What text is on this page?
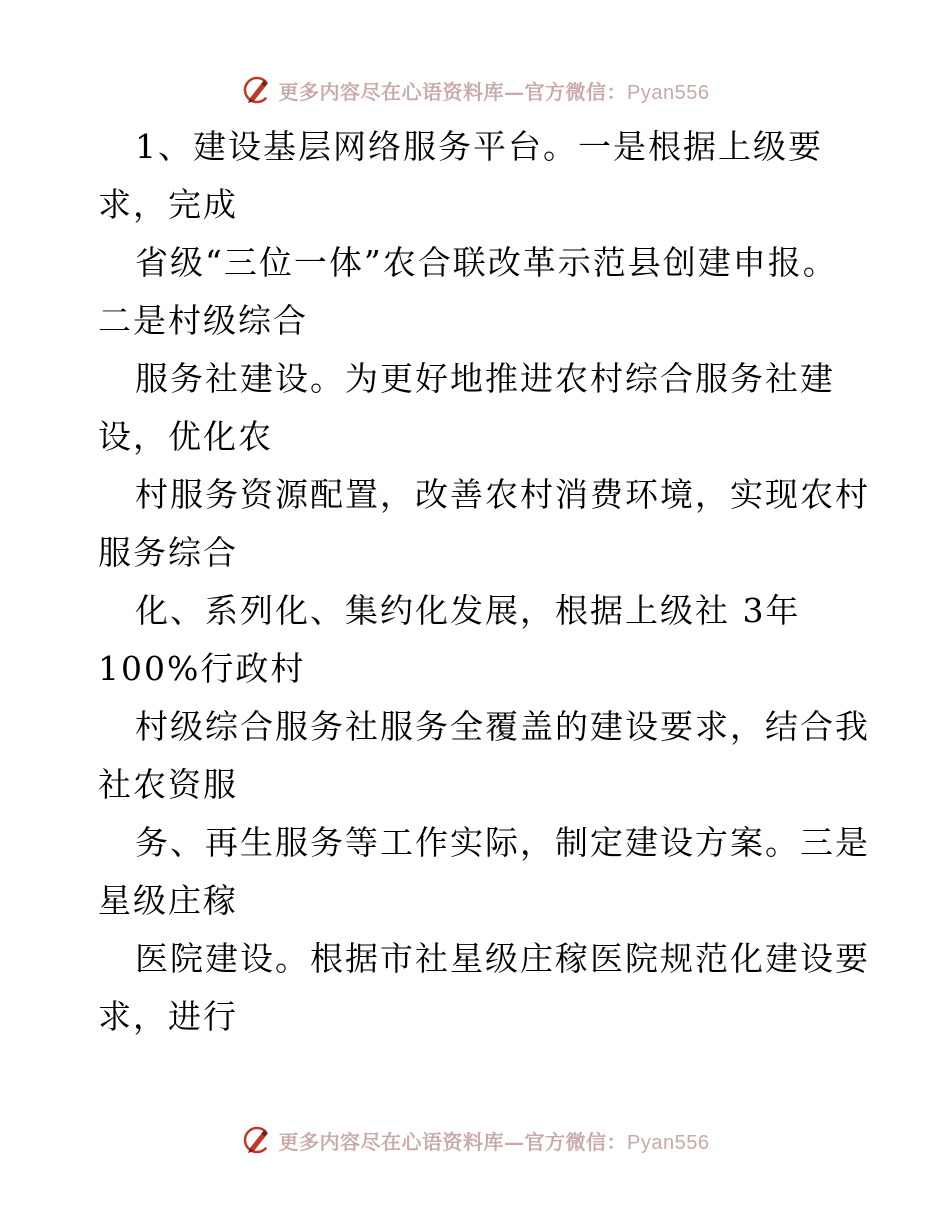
更多内容尽在心语资料库—官方微信：Pyan556
1、建设基层网络服务平台。一是根据上级要
求，完成
省级“三位一体”农合联改革示范县创建申报。
二是村级综合
服务社建设。为更好地推进农村综合服务社建
设，优化农
村服务资源配置，改善农村消费环境，实现农村
服务综合
化、系列化、集约化发展，根据上级社 3年
100%行政村
村级综合服务社服务全覆盖的建设要求，结合我
社农资服
务、再生服务等工作实际，制定建设方案。三是
星级庄稼
医院建设。根据市社星级庄稼医院规范化建设要
求，进行
更多内容尽在心语资料库—官方微信：Pyan556
